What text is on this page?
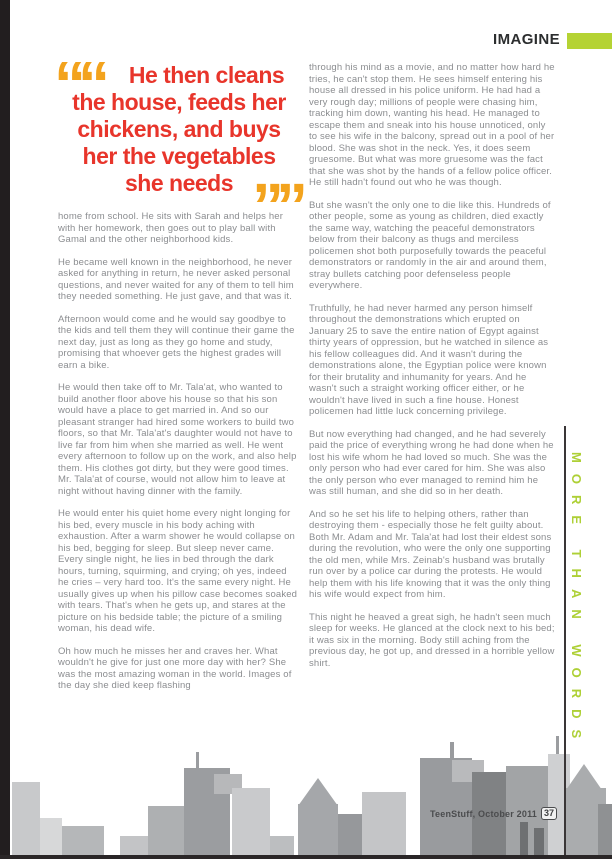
IMAGINE
““
””
He then cleans
the house, feeds her
chickens, and buys
her the vegetables
she needs

home from school. He sits with Sarah and helps her with her homework, then goes out to play ball with Gamal and the other neighborhood kids.

He became well known in the neighborhood, he never asked for anything in return, he never asked personal questions, and never waited for any of them to tell him they needed something. He just gave, and that was it.

Afternoon would come and he would say goodbye to the kids and tell them they will continue their game the next day, just as long as they go home and study, promising that whoever gets the highest grades will earn a bike.

He would then take off to Mr. Tala'at, who wanted to build another floor above his house so that his son would have a place to get married in. And so our pleasant stranger had hired some workers to build two floors, so that Mr. Tala'at's daughter would not have to live far from him when she married as well. He went every afternoon to follow up on the work, and also help them. His clothes got dirty, but they were good times. Mr. Tala'at of course, would not allow him to leave at night without having dinner with the family.

He would enter his quiet home every night longing for his bed, every muscle in his body aching with exhaustion. After a warm shower he would collapse on his bed, begging for sleep. But sleep never came. Every single night, he lies in bed through the dark hours, turning, squirming, and crying; oh yes, indeed he cries – very hard too. It's the same every night. He usually gives up when his pillow case becomes soaked with tears. That's when he gets up, and stares at the picture on his bedside table; the picture of a smiling woman, his dead wife.

Oh how much he misses her and craves her. What wouldn't he give for just one more day with her? She was the most amazing woman in the world. Images of the day she died keep flashing

through his mind as a movie, and no matter how hard he tries, he can't stop them. He sees himself entering his house all dressed in his police uniform. He had had a very rough day; millions of people were chasing him, tracking him down, wanting his head. He managed to escape them and sneak into his house unnoticed, only to see his wife in the balcony, spread out in a pool of her blood. She was shot in the neck. Yes, it does seem gruesome. But what was more gruesome was the fact that she was shot by the hands of a fellow police officer. He still hadn't found out who he was though.

But she wasn't the only one to die like this. Hundreds of other people, some as young as children, died exactly the same way, watching the peaceful demonstrators below from their balcony as thugs and merciless policemen shot both purposefully towards the peaceful demonstrators or randomly in the air and around them, stray bullets catching poor defenseless people everywhere.

Truthfully, he had never harmed any person himself throughout the demonstrations which erupted on January 25 to save the entire nation of Egypt against thirty years of oppression, but he watched in silence as his fellow colleagues did. And it wasn't during the demonstrations alone, the Egyptian police were known for their brutality and inhumanity for years. And he wasn't such a straight working officer either, or he wouldn't have lived in such a fine house. Honest policemen had little luck concerning privilege.

But now everything had changed, and he had severely paid the price of everything wrong he had done when he lost his wife whom he had loved so much. She was the only person who had ever cared for him. She was also the only person who ever managed to remind him he was still human, and she did so in her death.

And so he set his life to helping others, rather than destroying them - especially those he felt guilty about. Both Mr. Adam and Mr. Tala'at had lost their eldest sons during the revolution, who were the only one supporting the old men, while Mrs. Zeinab's husband was brutally run over by a police car during the protests. He would help them with his life knowing that it was the only thing his wife would expect from him.

This night he heaved a great sigh, he hadn't seen much sleep for weeks. He glanced at the clock next to his bed; it was six in the morning. Body still aching from the previous day, he got up, and dressed in a horrible yellow shirt.	MORE THAN WORDS
TeenStuff, October 2011 37
